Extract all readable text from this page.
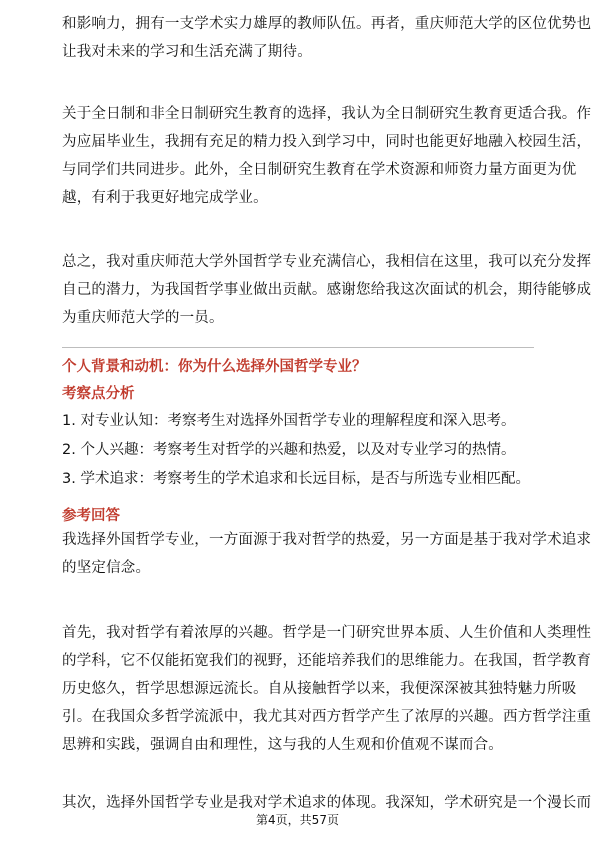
和影响力，拥有一支学术实力雄厚的教师队伍。再者，重庆师范大学的区位优势也
让我对未来的学习和生活充满了期待。
关于全日制和非全日制研究生教育的选择，我认为全日制研究生教育更适合我。作
为应届毕业生，我拥有充足的精力投入到学习中，同时也能更好地融入校园生活，
与同学们共同进步。此外，全日制研究生教育在学术资源和师资力量方面更为优
越，有利于我更好地完成学业。
总之，我对重庆师范大学外国哲学专业充满信心，我相信在这里，我可以充分发挥
自己的潜力，为我国哲学事业做出贡献。感谢您给我这次面试的机会，期待能够成
为重庆师范大学的一员。
个人背景和动机：你为什么选择外国哲学专业？
考察点分析
1. 对专业认知：考察考生对选择外国哲学专业的理解程度和深入思考。
2. 个人兴趣：考察考生对哲学的兴趣和热爱，以及对专业学习的热情。
3. 学术追求：考察考生的学术追求和长远目标，是否与所选专业相匹配。
参考回答
我选择外国哲学专业，一方面源于我对哲学的热爱，另一方面是基于我对学术追求
的坚定信念。
首先，我对哲学有着浓厚的兴趣。哲学是一门研究世界本质、人生价值和人类理性
的学科，它不仅能拓宽我们的视野，还能培养我们的思维能力。在我国，哲学教育
历史悠久，哲学思想源远流长。自从接触哲学以来，我便深深被其独特魅力所吸
引。在我国众多哲学流派中，我尤其对西方哲学产生了浓厚的兴趣。西方哲学注重
思辨和实践，强调自由和理性，这与我的人生观和价值观不谋而合。
其次，选择外国哲学专业是我对学术追求的体现。我深知，学术研究是一个漫长而
第4页，共57页
